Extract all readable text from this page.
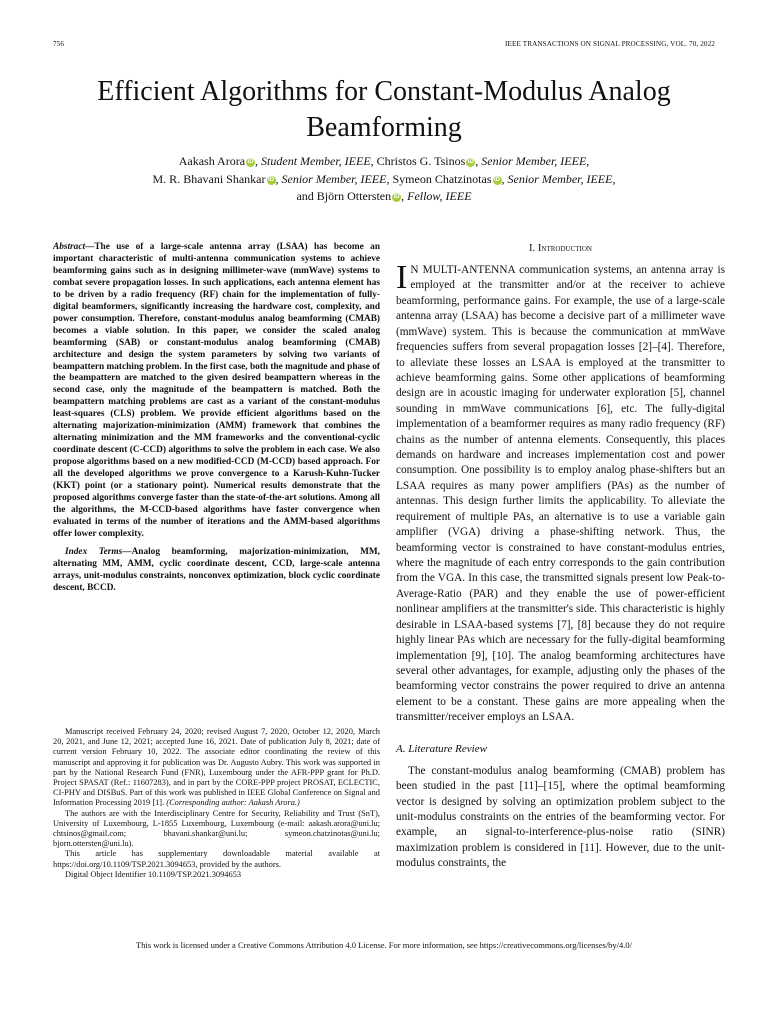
756	IEEE TRANSACTIONS ON SIGNAL PROCESSING, VOL. 70, 2022
Efficient Algorithms for Constant-Modulus Analog Beamforming
Aakash Arora iD , Student Member, IEEE, Christos G. Tsinos iD , Senior Member, IEEE,
M. R. Bhavani Shankar iD , Senior Member, IEEE, Symeon Chatzinotas iD , Senior Member, IEEE,
and Björn Ottersten iD , Fellow, IEEE

Abstract—The use of a large-scale antenna array (LSAA) has become an important characteristic of multi-antenna communication systems to achieve beamforming gains such as in designing millimeter-wave (mmWave) systems to combat severe propagation losses. In such applications, each antenna element has to be driven by a radio frequency (RF) chain for the implementation of fully-digital beamformers, significantly increasing the hardware cost, complexity, and power consumption. Therefore, constant-modulus analog beamforming (CMAB) becomes a viable solution. In this paper, we consider the scaled analog beamforming (SAB) or constant-modulus analog beamforming (CMAB) architecture and design the system parameters by solving two variants of beampattern matching problem. In the first case, both the magnitude and phase of the beampattern are matched to the given desired beampattern whereas in the second case, only the magnitude of the beampattern is matched. Both the beampattern matching problems are cast as a variant of the constant-modulus least-squares (CLS) problem. We provide efficient algorithms based on the alternating majorization-minimization (AMM) framework that combines the alternating minimization and the MM frameworks and the conventional-cyclic coordinate descent (C-CCD) algorithms to solve the problem in each case. We also propose algorithms based on a new modified-CCD (M-CCD) based approach. For all the developed algorithms we prove convergence to a Karush-Kuhn-Tucker (KKT) point (or a stationary point). Numerical results demonstrate that the proposed algorithms converge faster than the state-of-the-art solutions. Among all the algorithms, the M-CCD-based algorithms have faster convergence when evaluated in terms of the number of iterations and the AMM-based algorithms offer lower complexity.

Index Terms—Analog beamforming, majorization-minimization, MM, alternating MM, AMM, cyclic coordinate descent, CCD, large-scale antenna arrays, unit-modulus constraints, nonconvex optimization, block cyclic coordinate descent, BCCD.

Manuscript received February 24, 2020; revised August 7, 2020, October 12, 2020, March 20, 2021, and June 12, 2021; accepted June 16, 2021. Date of publication July 8, 2021; date of current version February 10, 2022. The associate editor coordinating the review of this manuscript and approving it for publication was Dr. Augusto Aubry. This work was supported in part by the National Research Fund (FNR), Luxembourg under the AFR-PPP grant for Ph.D. Project SPASAT (Ref.: 11607283), and in part by the CORE-PPP project PROSAT, ECLECTIC, CI-PHY and DISBuS. Part of this work was published in IEEE Global Conference on Signal and Information Processing 2019 [1]. (Corresponding author: Aakash Arora.)

The authors are with the Interdisciplinary Centre for Security, Reliability and Trust (SnT), University of Luxembourg, L-1855 Luxembourg, Luxembourg (e-mail: aakash.arora@uni.lu; chtsinos@gmail.com; bhavani.shankar@uni.lu; symeon.chatzinotas@uni.lu; bjorn.ottersten@uni.lu).

This article has supplementary downloadable material available at https://doi.org/10.1109/TSP.2021.3094653, provided by the authors.

Digital Object Identifier 10.1109/TSP.2021.3094653

I. Introduction

I N MULTI-ANTENNA communication systems, an antenna array is employed at the transmitter and/or at the receiver to achieve beamforming, performance gains. For example, the use of a large-scale antenna array (LSAA) has become a decisive part of a millimeter wave (mmWave) system. This is because the communication at mmWave frequencies suffers from several propagation losses [2]–[4]. Therefore, to alleviate these losses an LSAA is employed at the transmitter to achieve beamforming gains. Some other applications of beamforming design are in acoustic imaging for underwater exploration [5], channel sounding in mmWave communications [6], etc. The fully-digital implementation of a beamformer requires as many radio frequency (RF) chains as the number of antenna elements. Consequently, this places demands on hardware and increases implementation cost and power consumption. One possibility is to employ analog phase-shifters but an LSAA requires as many power amplifiers (PAs) as the number of antennas. This design further limits the applicability. To alleviate the requirement of multiple PAs, an alternative is to use a variable gain amplifier (VGA) driving a phase-shifting network. Thus, the beamforming vector is constrained to have constant-modulus entries, where the magnitude of each entry corresponds to the gain contribution from the VGA. In this case, the transmitted signals present low Peak-to-Average-Ratio (PAR) and they enable the use of power-efficient nonlinear amplifiers at the transmitter's side. This characteristic is highly desirable in LSAA-based systems [7], [8] because they do not require highly linear PAs which are necessary for the fully-digital beamforming implementation [9], [10]. The analog beamforming architectures have several other advantages, for example, adjusting only the phases of the beamforming vector constrains the power required to drive an antenna element to be a constant. These gains are more appealing when the transmitter/receiver employs an LSAA.

A. Literature Review

The constant-modulus analog beamforming (CMAB) problem has been studied in the past [11]–[15], where the optimal beamforming vector is designed by solving an optimization problem subject to the unit-modulus constraints on the entries of the beamforming vector. For example, an signal-to-interference-plus-noise ratio (SINR) maximization problem is considered in [11]. However, due to the unit-modulus constraints, the

This work is licensed under a Creative Commons Attribution 4.0 License. For more information, see https://creativecommons.org/licenses/by/4.0/
